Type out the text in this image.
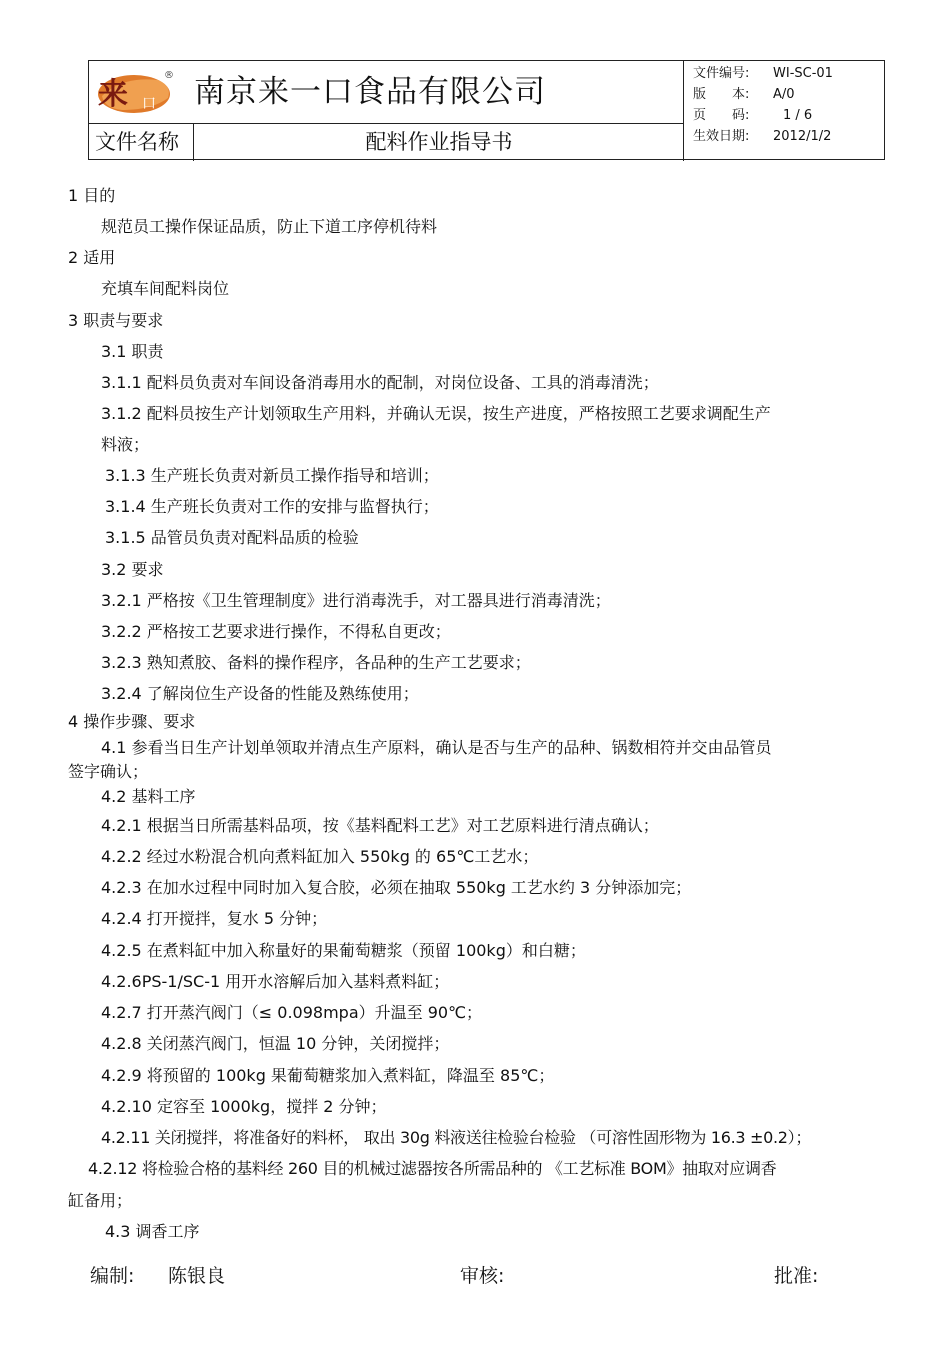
来 口
® 南京来一口食品有限公司
文件名称	配料作业指导书
文件编号:	WI-SC-01
版　　本:	A/0
页　　码:	1 / 6
生效日期:	2012/1/2
1 目的
规范员工操作保证品质，防止下道工序停机待料
2 适用
充填车间配料岗位
3 职责与要求
3.1 职责
3.1.1 配料员负责对车间设备消毒用水的配制，对岗位设备、工具的消毒清洗；
3.1.2 配料员按生产计划领取生产用料，并确认无误，按生产进度，严格按照工艺要求调配生产
料液；
3.1.3 生产班长负责对新员工操作指导和培训；
3.1.4 生产班长负责对工作的安排与监督执行；
3.1.5 品管员负责对配料品质的检验
3.2 要求
3.2.1 严格按《卫生管理制度》进行消毒洗手，对工器具进行消毒清洗；
3.2.2 严格按工艺要求进行操作，不得私自更改；
3.2.3 熟知煮胶、备料的操作程序，各品种的生产工艺要求；
3.2.4 了解岗位生产设备的性能及熟练使用；
4 操作步骤、要求
4.1 参看当日生产计划单领取并清点生产原料，确认是否与生产的品种、锅数相符并交由品管员
签字确认；
4.2 基料工序
4.2.1 根据当日所需基料品项，按《基料配料工艺》对工艺原料进行清点确认；
4.2.2 经过水粉混合机向煮料缸加入 550kg 的 65℃工艺水；
4.2.3 在加水过程中同时加入复合胶，必须在抽取 550kg 工艺水约 3 分钟添加完；
4.2.4 打开搅拌，复水 5 分钟；
4.2.5 在煮料缸中加入称量好的果葡萄糖浆（预留 100kg）和白糖；
4.2.6PS-1/SC-1 用开水溶解后加入基料煮料缸；
4.2.7 打开蒸汽阀门（≤ 0.098mpa）升温至 90℃；
4.2.8 关闭蒸汽阀门，恒温 10 分钟，关闭搅拌；
4.2.9 将预留的 100kg 果葡萄糖浆加入煮料缸，降温至 85℃；
4.2.10 定容至 1000kg，搅拌 2 分钟；
4.2.11 关闭搅拌，将准备好的料杯， 取出 30g 料液送往检验台检验 （可溶性固形物为 16.3 ±0.2）；
4.2.12 将检验合格的基料经 260 目的机械过滤器按各所需品种的 《工艺标准 BOM》抽取对应调香
缸备用；
4.3 调香工序
编制: 陈银良	审核:	批准:
